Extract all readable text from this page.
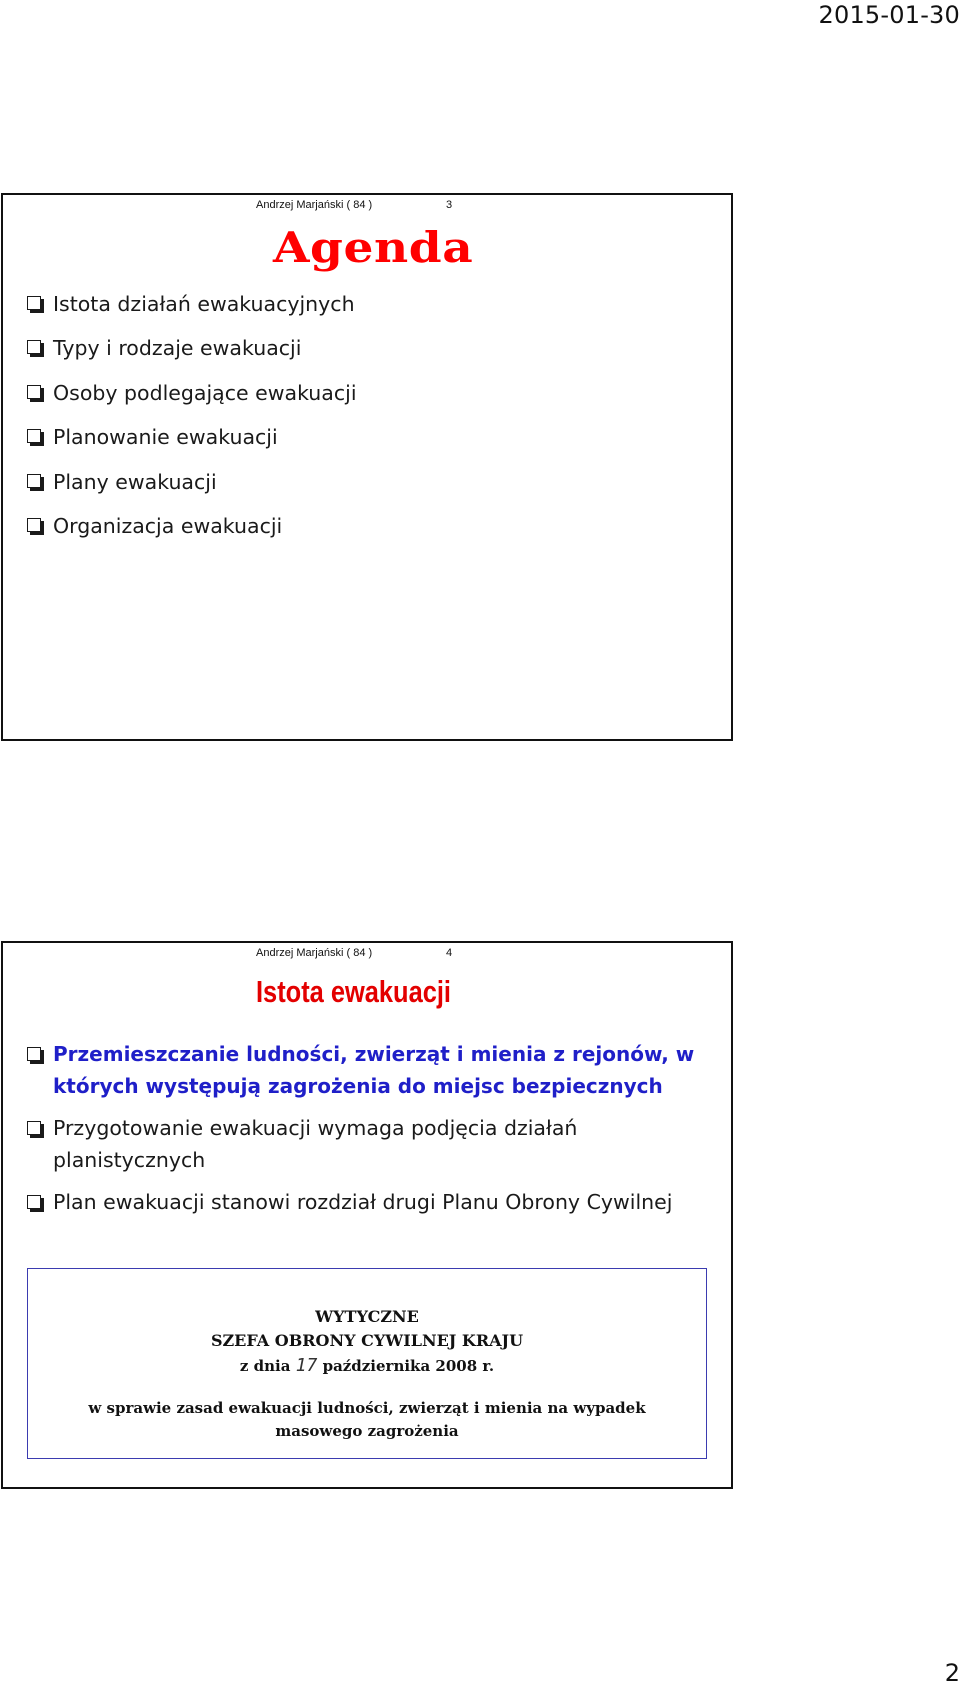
2015-01-30
Andrzej Marjański ( 84 )	3
Agenda
Istota działań ewakuacyjnych
Typy i rodzaje ewakuacji
Osoby podlegające ewakuacji
Planowanie ewakuacji
Plany ewakuacji
Organizacja ewakuacji
Andrzej Marjański ( 84 )	4
Istota ewakuacji
Przemieszczanie ludności, zwierząt i mienia z rejonów, w których występują zagrożenia do miejsc bezpiecznych
Przygotowanie ewakuacji wymaga podjęcia działań planistycznych
Plan ewakuacji stanowi rozdział drugi Planu Obrony Cywilnej
WYTYCZNE
SZEFA OBRONY CYWILNEJ KRAJU
z dnia 17 października 2008 r.
w sprawie zasad ewakuacji ludności, zwierząt i mienia na wypadek
masowego zagrożenia
2
